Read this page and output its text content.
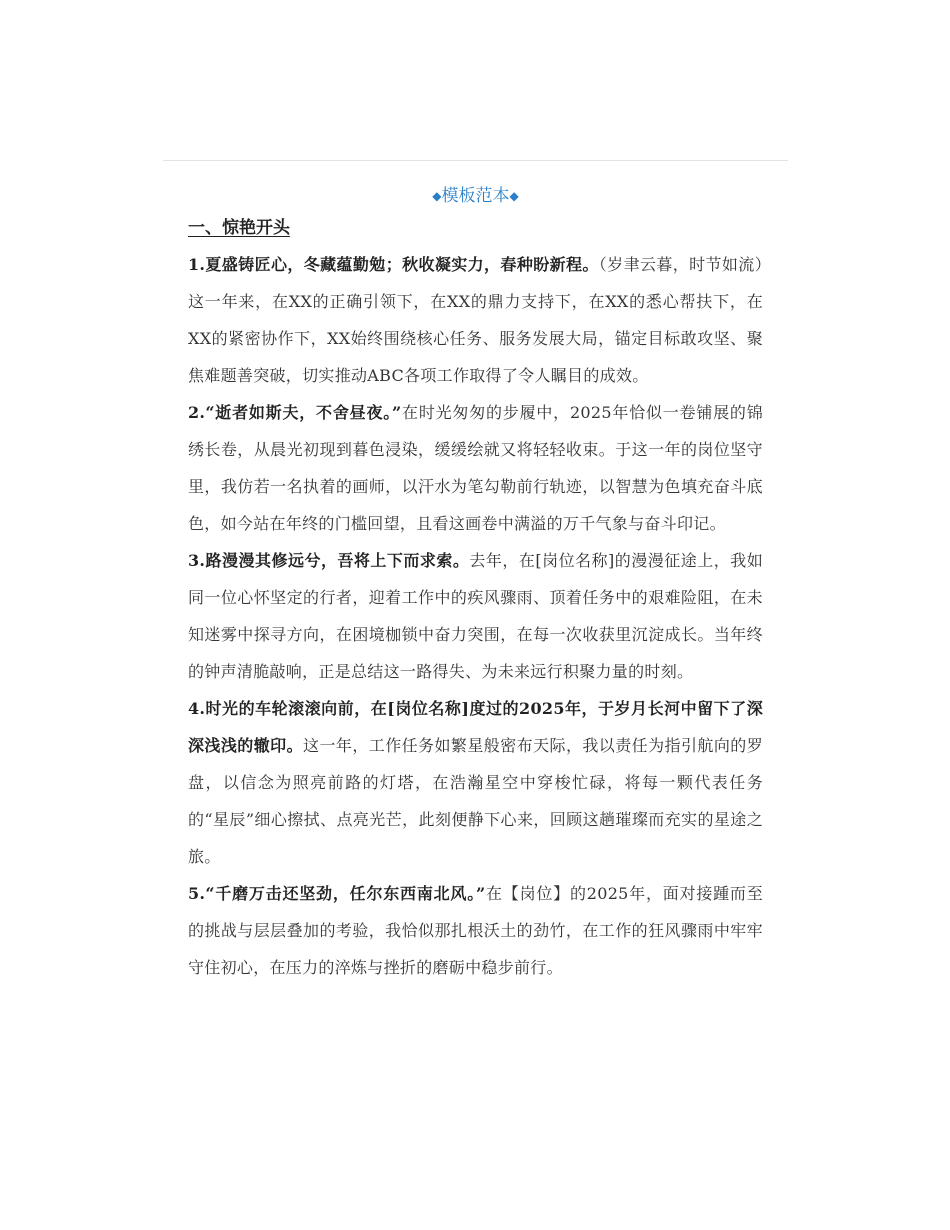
◆模板范本◆
一、惊艳开头

1.夏盛铸匠心，冬藏蕴勤勉；秋收凝实力，春种盼新程。（岁聿云暮，时节如流）这一年来，在XX的正确引领下，在XX的鼎力支持下，在XX的悉心帮扶下，在XX的紧密协作下，XX始终围绕核心任务、服务发展大局，锚定目标敢攻坚、聚焦难题善突破，切实推动ABC各项工作取得了令人瞩目的成效。

2.“逝者如斯夫，不舍昼夜。”在时光匆匆的步履中，2025年恰似一卷铺展的锦绣长卷，从晨光初现到暮色浸染，缓缓绘就又将轻轻收束。于这一年的岗位坚守里，我仿若一名执着的画师，以汗水为笔勾勒前行轨迹，以智慧为色填充奋斗底色，如今站在年终的门槛回望，且看这画卷中满溢的万千气象与奋斗印记。

3.路漫漫其修远兮，吾将上下而求索。去年，在[岗位名称]的漫漫征途上，我如同一位心怀坚定的行者，迎着工作中的疾风骤雨、顶着任务中的艰难险阻，在未知迷雾中探寻方向，在困境枷锁中奋力突围，在每一次收获里沉淀成长。当年终的钟声清脆敲响，正是总结这一路得失、为未来远行积聚力量的时刻。

4.时光的车轮滚滚向前，在[岗位名称]度过的2025年，于岁月长河中留下了深深浅浅的辙印。这一年，工作任务如繁星般密布天际，我以责任为指引航向的罗盘，以信念为照亮前路的灯塔，在浩瀚星空中穿梭忙碌，将每一颗代表任务的“星辰”细心擦拭、点亮光芒，此刻便静下心来，回顾这趟璀璨而充实的星途之旅。

5.“千磨万击还坚劲，任尔东西南北风。”在【岗位】的2025年，面对接踵而至的挑战与层层叠加的考验，我恰似那扎根沃土的劲竹，在工作的狂风骤雨中牢牢守住初心，在压力的淬炼与挫折的磨砺中稳步前行。
